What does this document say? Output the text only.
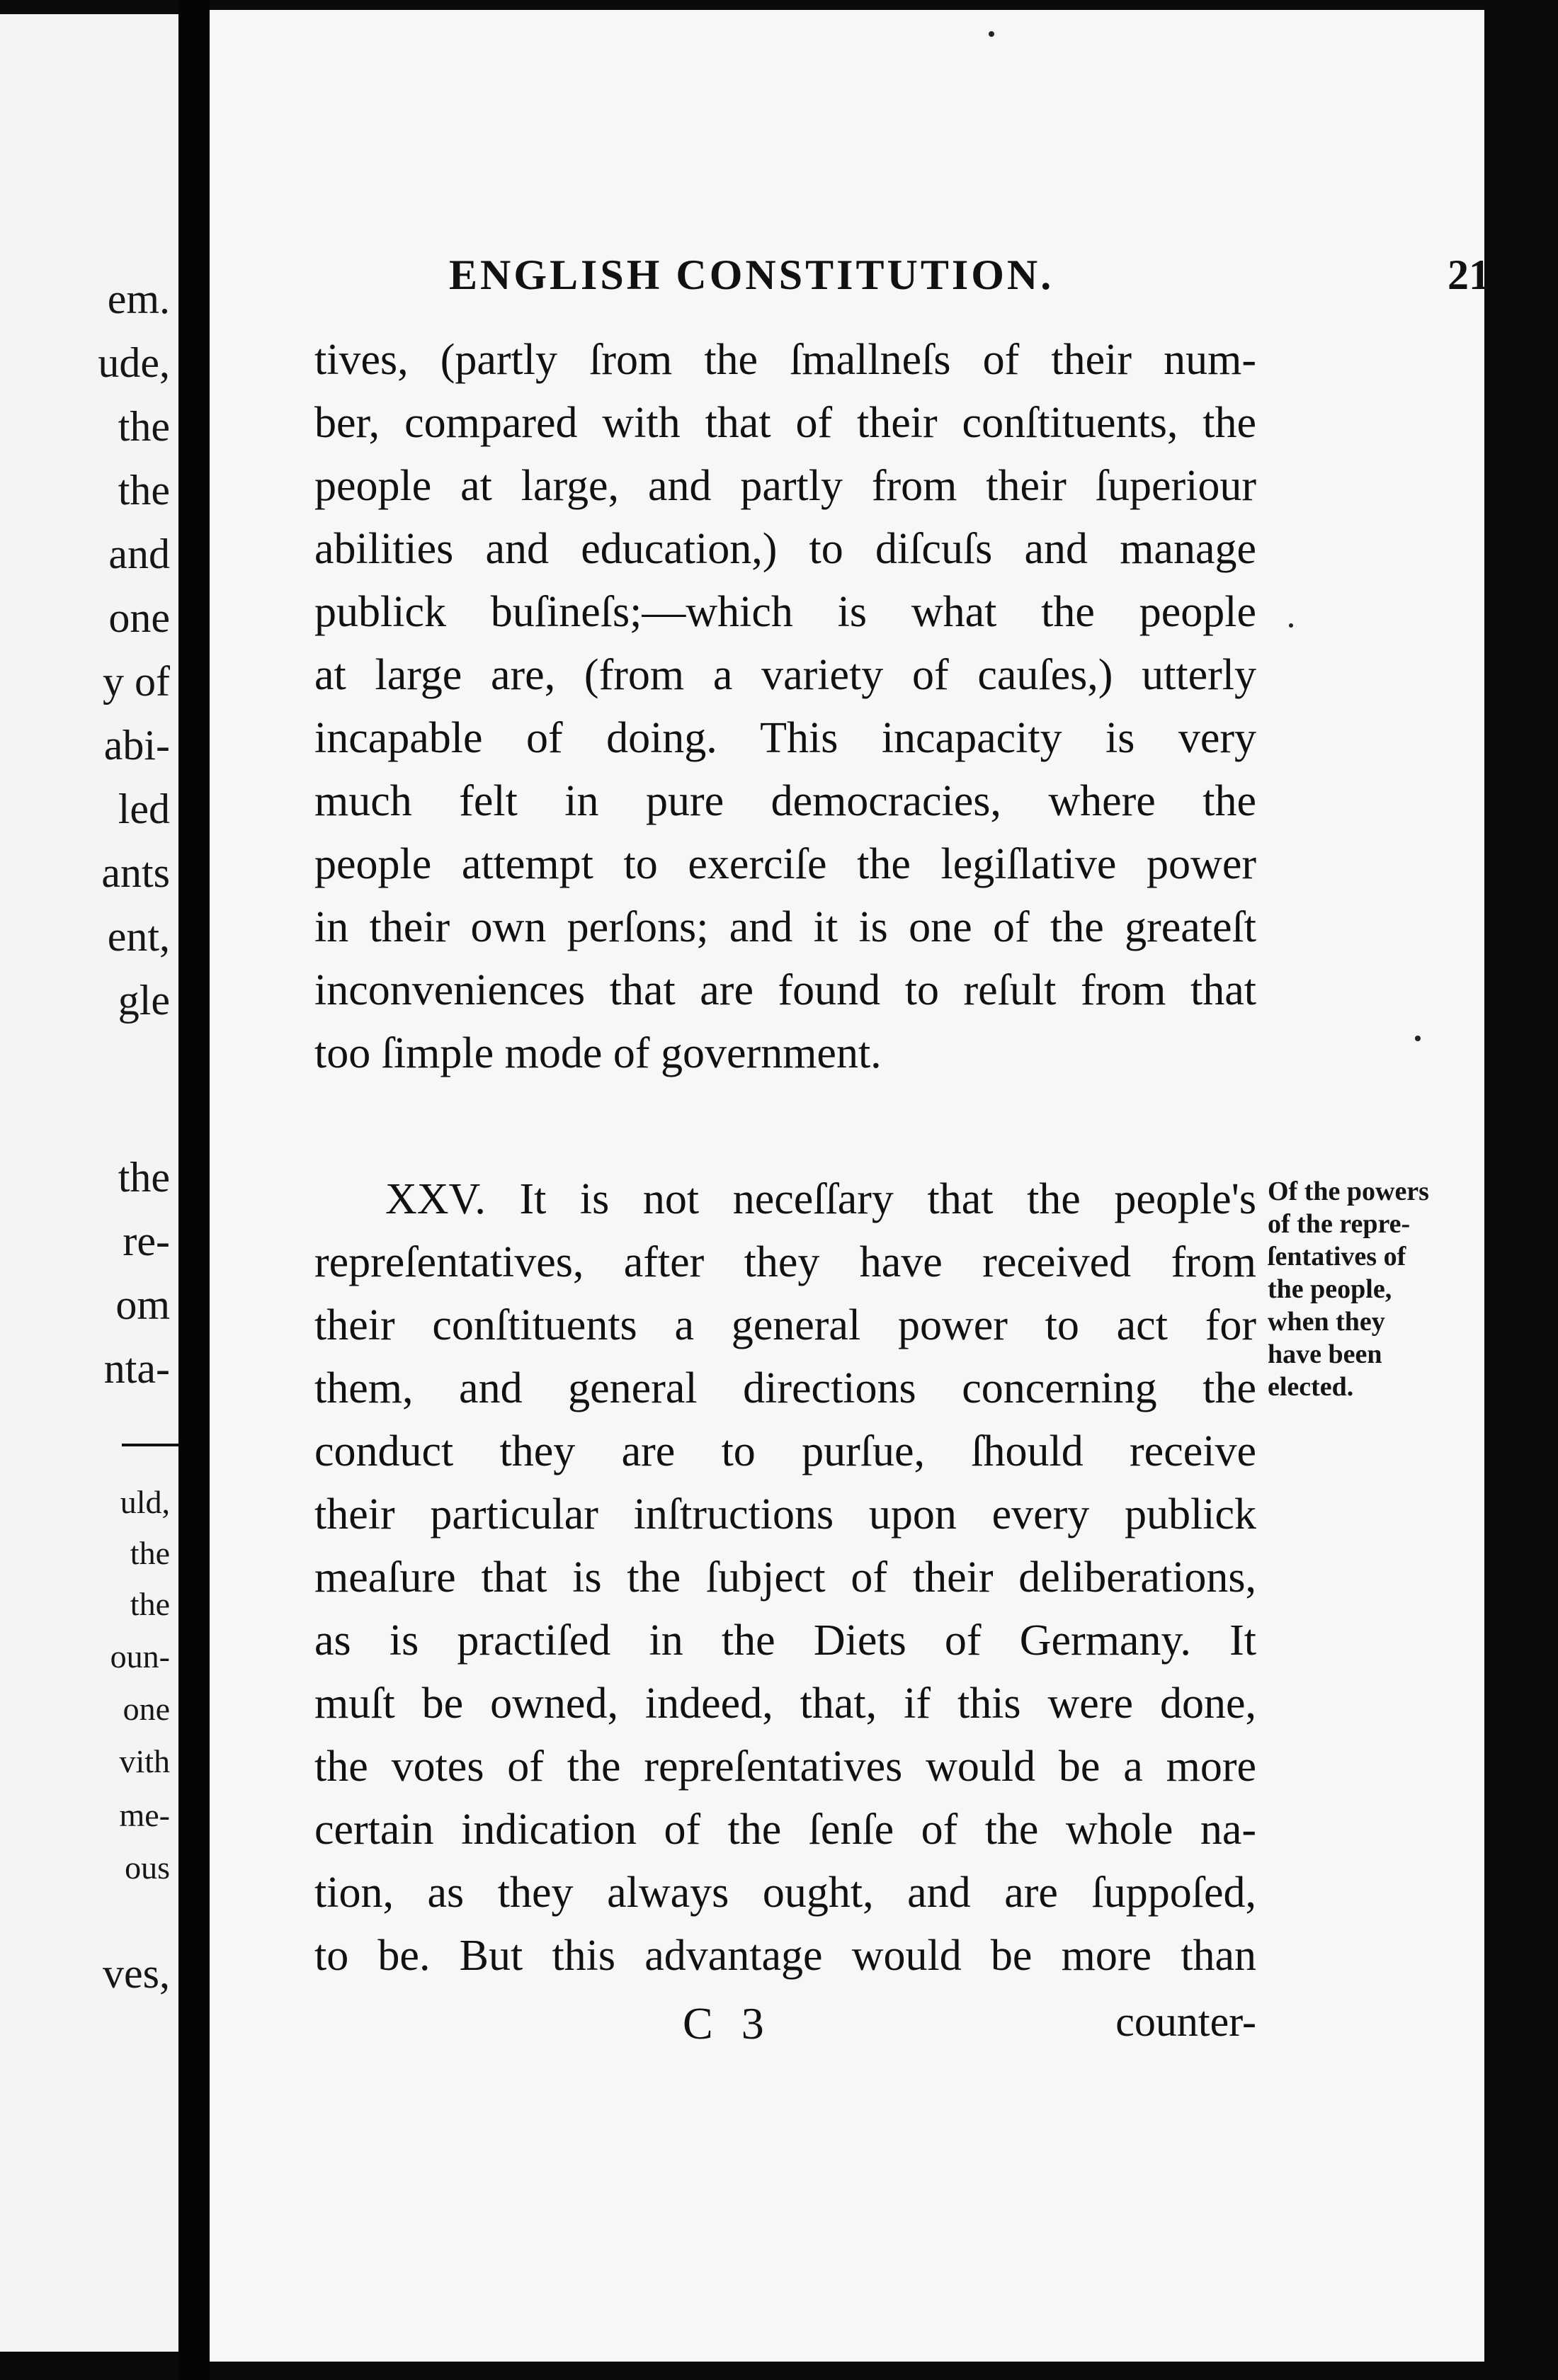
em.
ude,
the
the
and
one
y of
abi-
led
ants
ent,
gle
the
re-
om
nta-
uld,
the
the
oun-
one
vith
me-
ous
ves,
ENGLISH CONSTITUTION.	21
tives, (partly ſrom the ſmallneſs of their num-
ber, compared with that of their conſtituents, the
people at large, and partly from their ſuperiour
abilities and education,) to diſcuſs and manage
publick buſineſs;—which is what the people
at large are, (from a variety of cauſes,) utterly
incapable of doing. This incapacity is very
much felt in pure democracies, where the
people attempt to exerciſe the legiſlative power
in their own perſons; and it is one of the greateſt
inconveniences that are found to reſult from that
too ſimple mode of government.
XXV. It is not neceſſary that the people's
repreſentatives, after they have received from
their conſtituents a general power to act for
them, and general directions concerning the
conduct they are to purſue, ſhould receive
their particular inſtructions upon every publick
meaſure that is the ſubject of their deliberations,
as is practiſed in the Diets of Germany. It
muſt be owned, indeed, that, if this were done,
the votes of the repreſentatives would be a more
certain indication of the ſenſe of the whole na-
tion, as they always ought, and are ſuppoſed,
to be. But this advantage would be more than
Of the powers
of the repre-
ſentatives of
the people,
when they
have been
elected.
C 3	counter-
